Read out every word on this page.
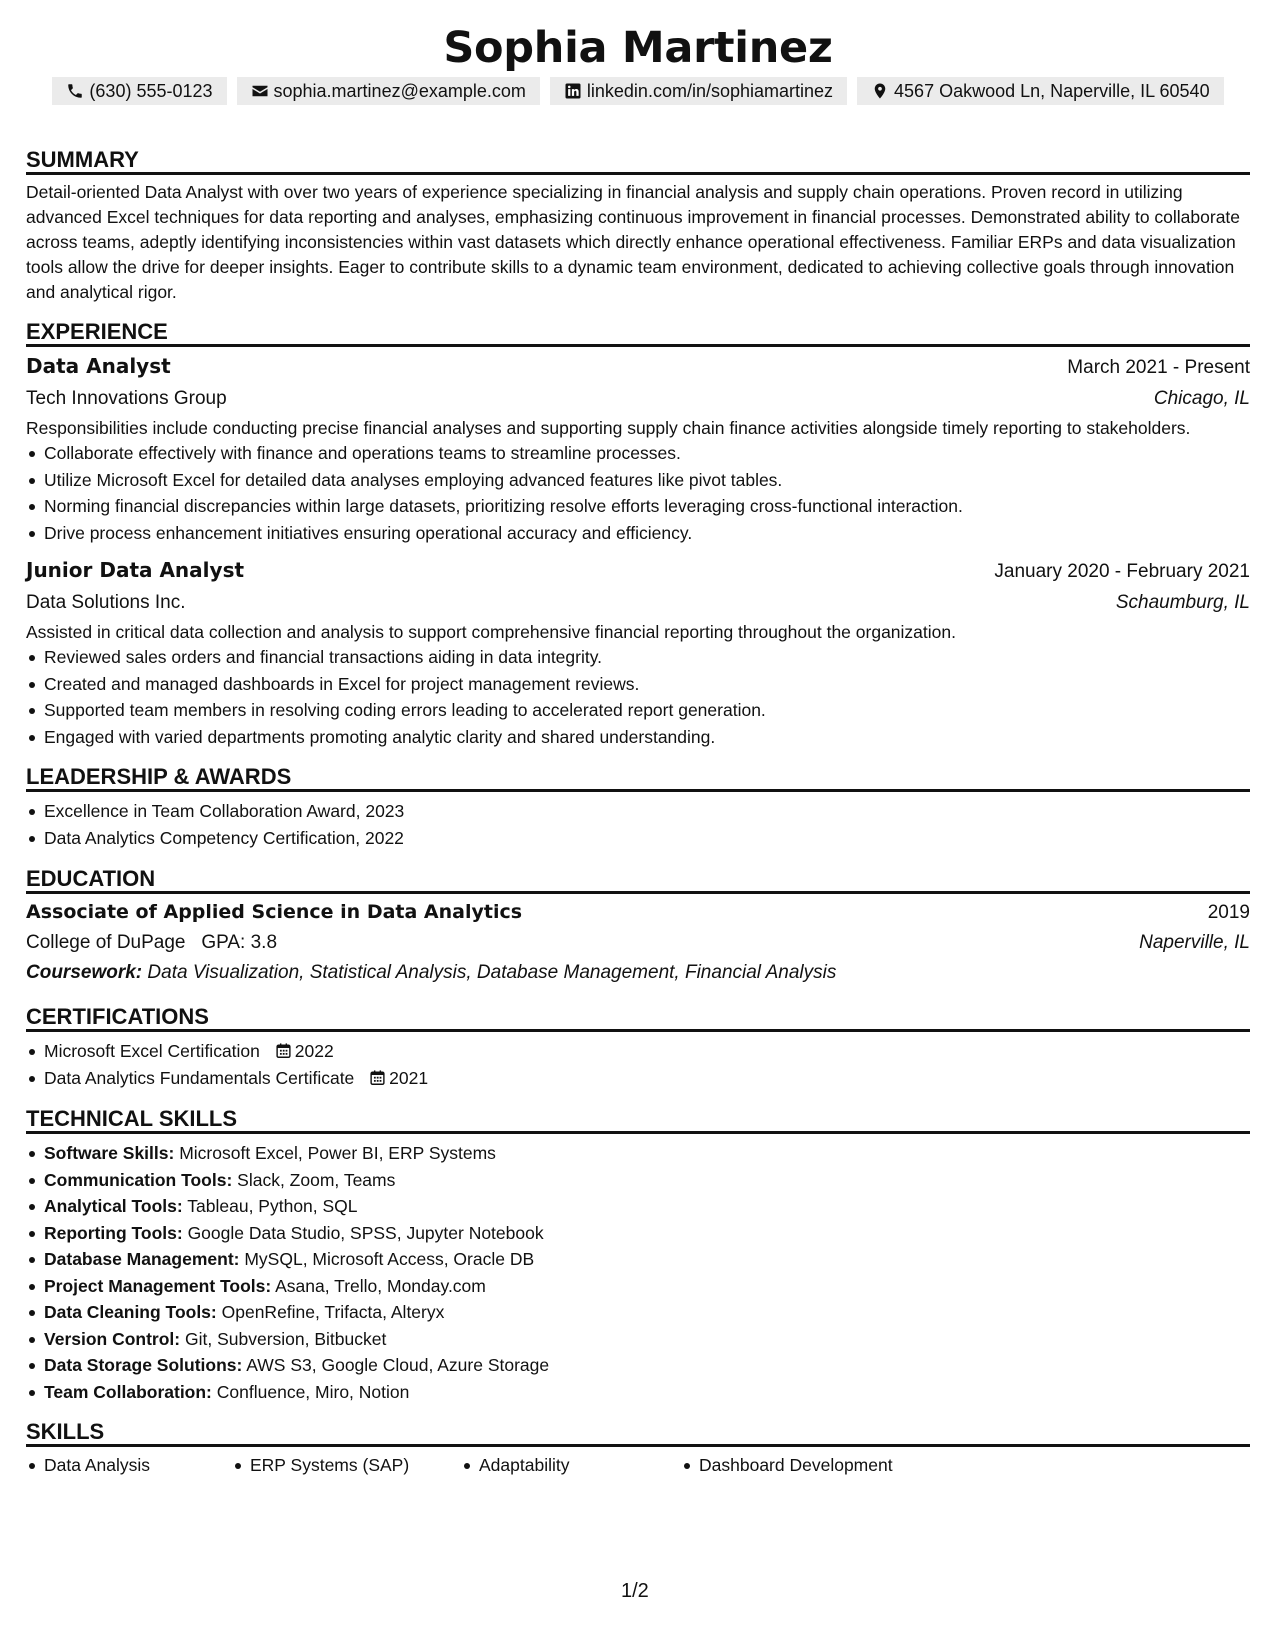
Sophia Martinez
(630) 555-0123	sophia.martinez@example.com	linkedin.com/in/sophiamartinez	4567 Oakwood Ln, Naperville, IL 60540
SUMMARY

Detail-oriented Data Analyst with over two years of experience specializing in financial analysis and supply chain operations. Proven record in utilizing advanced Excel techniques for data reporting and analyses, emphasizing continuous improvement in financial processes. Demonstrated ability to collaborate across teams, adeptly identifying inconsistencies within vast datasets which directly enhance operational effectiveness. Familiar ERPs and data visualization tools allow the drive for deeper insights. Eager to contribute skills to a dynamic team environment, dedicated to achieving collective goals through innovation and analytical rigor.

EXPERIENCE
Data Analyst	March 2021 - Present
Tech Innovations Group	Chicago, IL

Responsibilities include conducting precise financial analyses and supporting supply chain finance activities alongside timely reporting to stakeholders.

Collaborate effectively with finance and operations teams to streamline processes.
Utilize Microsoft Excel for detailed data analyses employing advanced features like pivot tables.
Norming financial discrepancies within large datasets, prioritizing resolve efforts leveraging cross-functional interaction.
Drive process enhancement initiatives ensuring operational accuracy and efficiency.
Junior Data Analyst	January 2020 - February 2021
Data Solutions Inc.	Schaumburg, IL

Assisted in critical data collection and analysis to support comprehensive financial reporting throughout the organization.

Reviewed sales orders and financial transactions aiding in data integrity.
Created and managed dashboards in Excel for project management reviews.
Supported team members in resolving coding errors leading to accelerated report generation.
Engaged with varied departments promoting analytic clarity and shared understanding.
LEADERSHIP & AWARDS
Excellence in Team Collaboration Award, 2023
Data Analytics Competency Certification, 2022
EDUCATION
Associate of Applied Science in Data Analytics	2019
College of DuPage GPA: 3.8	Naperville, IL
Coursework: Data Visualization, Statistical Analysis, Database Management, Financial Analysis
CERTIFICATIONS
Microsoft Excel Certification 2022
Data Analytics Fundamentals Certificate 2021
TECHNICAL SKILLS
Software Skills: Microsoft Excel, Power BI, ERP Systems
Communication Tools: Slack, Zoom, Teams
Analytical Tools: Tableau, Python, SQL
Reporting Tools: Google Data Studio, SPSS, Jupyter Notebook
Database Management: MySQL, Microsoft Access, Oracle DB
Project Management Tools: Asana, Trello, Monday.com
Data Cleaning Tools: OpenRefine, Trifacta, Alteryx
Version Control: Git, Subversion, Bitbucket
Data Storage Solutions: AWS S3, Google Cloud, Azure Storage
Team Collaboration: Confluence, Miro, Notion
SKILLS
Data Analysis	ERP Systems (SAP)	Adaptability	Dashboard Development
1/2
